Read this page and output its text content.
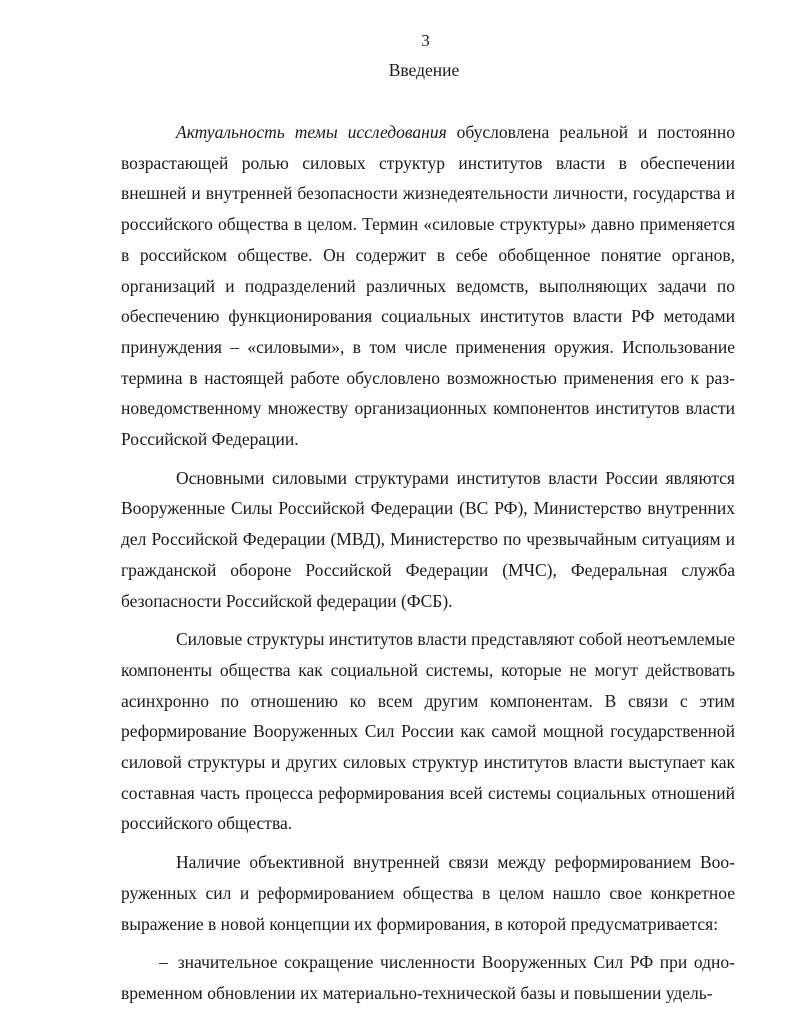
3
Введение

Актуальность темы исследования обусловлена реальной и постоянно возрастающей ролью силовых структур институтов власти в обеспечении внешней и внутренней безопасности жизнедеятельности личности, государства и российского общества в целом. Термин «силовые структуры» давно применяется в российском обществе. Он содержит в себе обобщенное понятие органов, организаций и подразделений различных ведомств, выполняющих задачи по обеспечению функционирования социальных институтов власти РФ методами принуждения – «силовыми», в том числе применения оружия. Использование термина в настоящей работе обусловлено возможностью применения его к разноведомственному множеству организационных компонентов институтов власти Российской Федерации.

Основными силовыми структурами институтов власти России являются Вооруженные Силы Российской Федерации (ВС РФ), Министерство внутренних дел Российской Федерации (МВД), Министерство по чрезвычайным ситуациям и гражданской обороне Российской Федерации (МЧС), Федеральная служба безопасности Российской федерации (ФСБ).

Силовые структуры институтов власти представляют собой неотъемлемые компоненты общества как социальной системы, которые не могут действовать асинхронно по отношению ко всем другим компонентам. В связи с этим реформирование Вооруженных Сил России как самой мощной государственной силовой структуры и других силовых структур институтов власти выступает как составная часть процесса реформирования всей системы социальных отношений российского общества.

Наличие объективной внутренней связи между реформированием Вооруженных сил и реформированием общества в целом нашло свое конкретное выражение в новой концепции их формирования, в которой предусматривается:

– значительное сокращение численности Вооруженных Сил РФ при одновременном обновлении их материально-технической базы и повышении удель-
